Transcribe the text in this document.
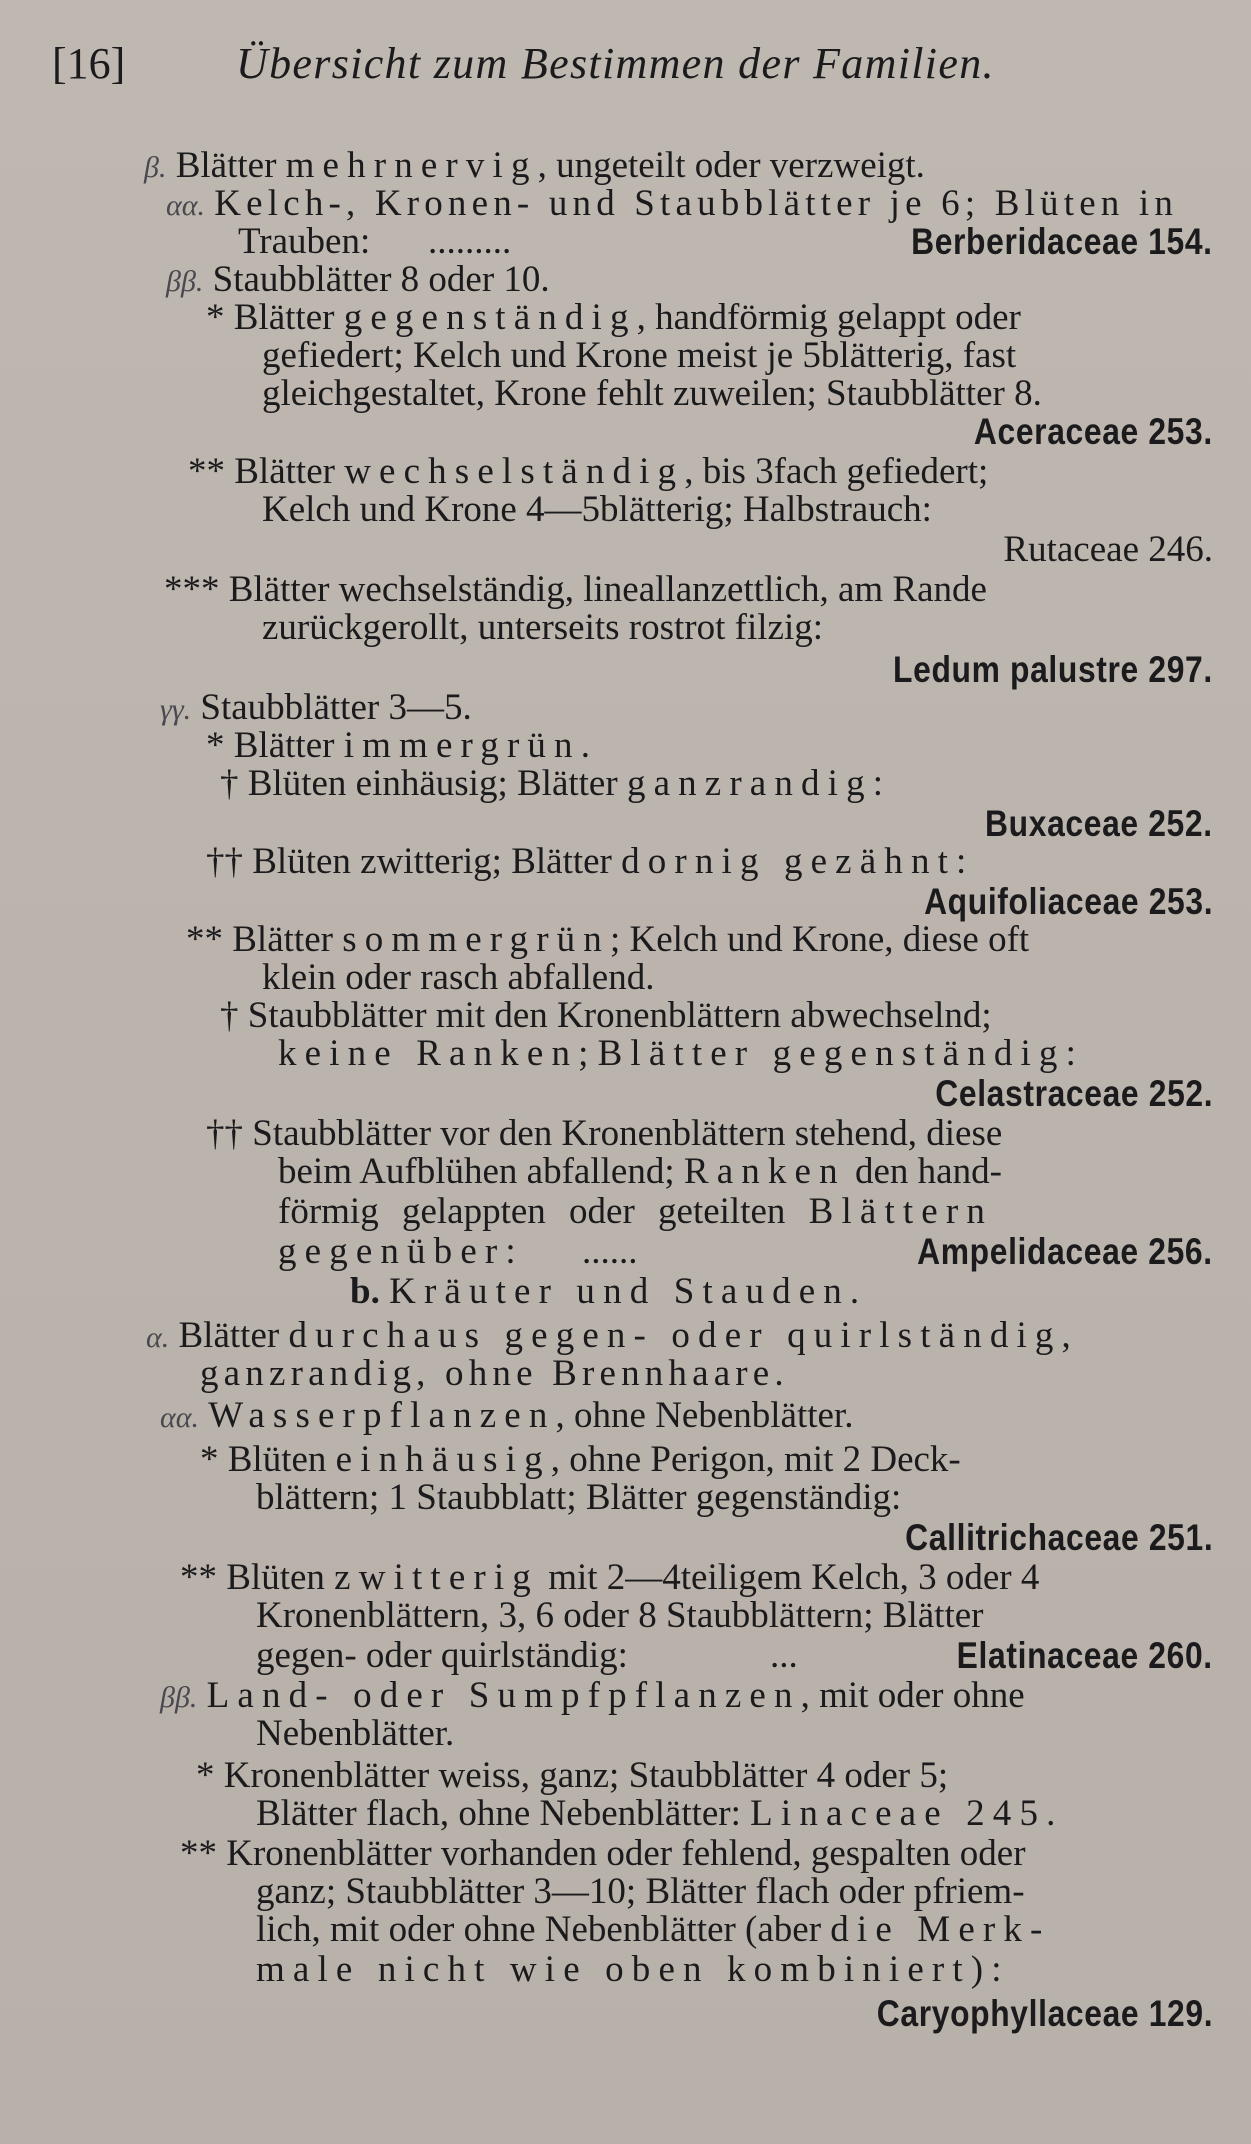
[16]	Übersicht zum Bestimmen der Familien.
β. Blätter mehrnervig, ungeteilt oder verzweigt.
αα. Kelch-, Kronen- und Staubblätter je 6; Blüten in
Trauben: .........	Berberidaceae 154.
ββ. Staubblätter 8 oder 10.
* Blätter gegenständig, handförmig gelappt oder
gefiedert; Kelch und Krone meist je 5blätterig, fast
gleichgestaltet, Krone fehlt zuweilen; Staubblätter 8.
Aceraceae 253.
** Blätter wechselständig, bis 3fach gefiedert;
Kelch und Krone 4—5blätterig; Halbstrauch:
Rutaceae 246.
*** Blätter wechselständig, lineallanzettlich, am Rande
zurückgerollt, unterseits rostrot filzig:
Ledum palustre 297.
γγ. Staubblätter 3—5.
* Blätter immergrün.
† Blüten einhäusig; Blätter ganzrandig:
Buxaceae 252.
†† Blüten zwitterig; Blätter dornig gezähnt:
Aquifoliaceae 253.
** Blätter sommergrün; Kelch und Krone, diese oft
klein oder rasch abfallend.
† Staubblätter mit den Kronenblättern abwechselnd;
keine Ranken; Blätter gegenständig:
Celastraceae 252.
†† Staubblätter vor den Kronenblättern stehend, diese
beim Aufblühen abfallend; Ranken den hand-
förmig gelappten oder geteilten Blättern
gegenüber: ......	Ampelidaceae 256.
b. Kräuter und Stauden.
α. Blätter durchaus gegen- oder quirlständig,
ganzrandig, ohne Brennhaare.
αα. Wasserpflanzen, ohne Nebenblätter.
* Blüten einhäusig, ohne Perigon, mit 2 Deck-
blättern; 1 Staubblatt; Blätter gegenständig:
Callitrichaceae 251.
** Blüten zwitterig mit 2—4teiligem Kelch, 3 oder 4
Kronenblättern, 3, 6 oder 8 Staubblättern; Blätter
gegen- oder quirlständig:	...	Elatinaceae 260.
ββ. Land- oder Sumpfpflanzen, mit oder ohne
Nebenblätter.
* Kronenblätter weiss, ganz; Staubblätter 4 oder 5;
Blätter flach, ohne Nebenblätter: Linaceae 245.
** Kronenblätter vorhanden oder fehlend, gespalten oder
ganz; Staubblätter 3—10; Blätter flach oder pfriem-
lich, mit oder ohne Nebenblätter (aber die Merk-
male nicht wie oben kombiniert):
Caryophyllaceae 129.
